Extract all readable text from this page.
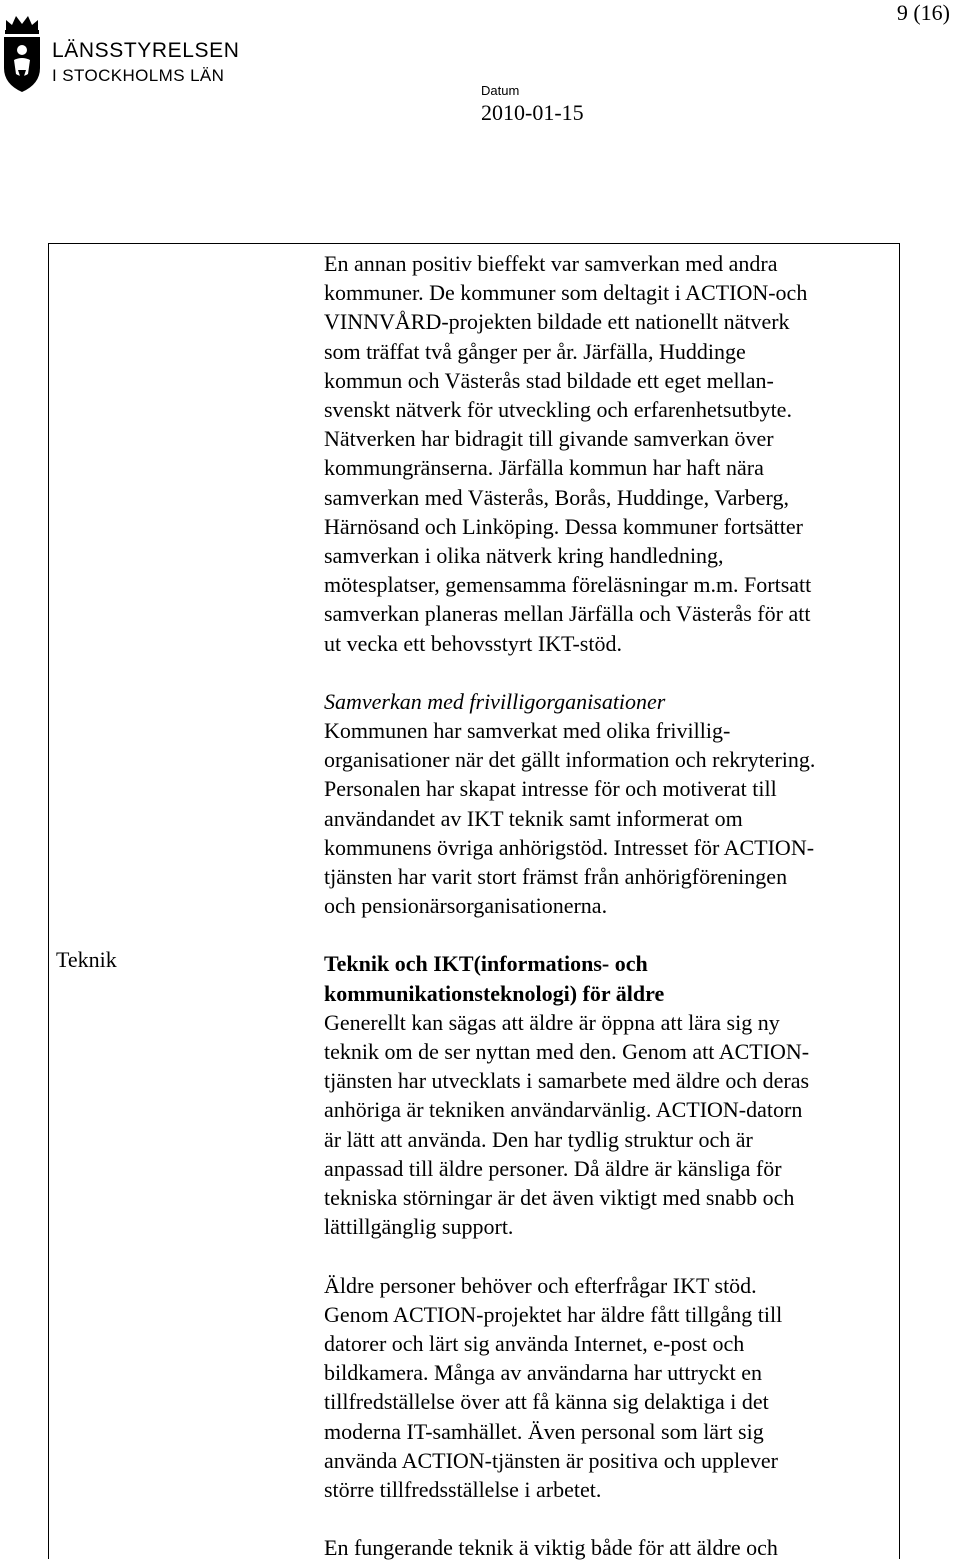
9 (16)
LÄNSSTYRELSEN
I STOCKHOLMS LÄN
Datum
2010-01-15
Teknik

En annan positiv bieffekt var samverkan med andra
kommuner. De kommuner som deltagit i ACTION-och
VINNVÅRD-projekten bildade ett nationellt nätverk
som träffat två gånger per år. Järfälla, Huddinge
kommun och Västerås stad bildade ett eget mellan-
svenskt nätverk för utveckling och erfarenhetsutbyte.
Nätverken har bidragit till givande samverkan över
kommungränserna. Järfälla kommun har haft nära
samverkan med Västerås, Borås, Huddinge, Varberg,
Härnösand och Linköping. Dessa kommuner fortsätter
samverkan i olika nätverk kring handledning,
mötesplatser, gemensamma föreläsningar m.m. Fortsatt
samverkan planeras mellan Järfälla och Västerås för att
ut vecka ett behovsstyrt IKT-stöd.

Samverkan med frivilligorganisationer
Kommunen har samverkat med olika frivillig-
organisationer när det gällt information och rekrytering.
Personalen har skapat intresse för och motiverat till
användandet av IKT teknik samt informerat om
kommunens övriga anhörigstöd. Intresset för ACTION-
tjänsten har varit stort främst från anhörigföreningen
och pensionärsorganisationerna.

Teknik och IKT(informations- och
kommunikationsteknologi) för äldre
Generellt kan sägas att äldre är öppna att lära sig ny
teknik om de ser nyttan med den. Genom att ACTION-
tjänsten har utvecklats i samarbete med äldre och deras
anhöriga är tekniken användarvänlig. ACTION-datorn
är lätt att använda. Den har tydlig struktur och är
anpassad till äldre personer. Då äldre är känsliga för
tekniska störningar är det även viktigt med snabb och
lättillgänglig support.

Äldre personer behöver och efterfrågar IKT stöd.
Genom ACTION-projektet har äldre fått tillgång till
datorer och lärt sig använda Internet, e-post och
bildkamera. Många av användarna har uttryckt en
tillfredställelse över att få känna sig delaktiga i det
moderna IT-samhället. Även personal som lärt sig
använda ACTION-tjänsten är positiva och upplever
större tillfredsställelse i arbetet.

En fungerande teknik ä viktig både för att äldre och
